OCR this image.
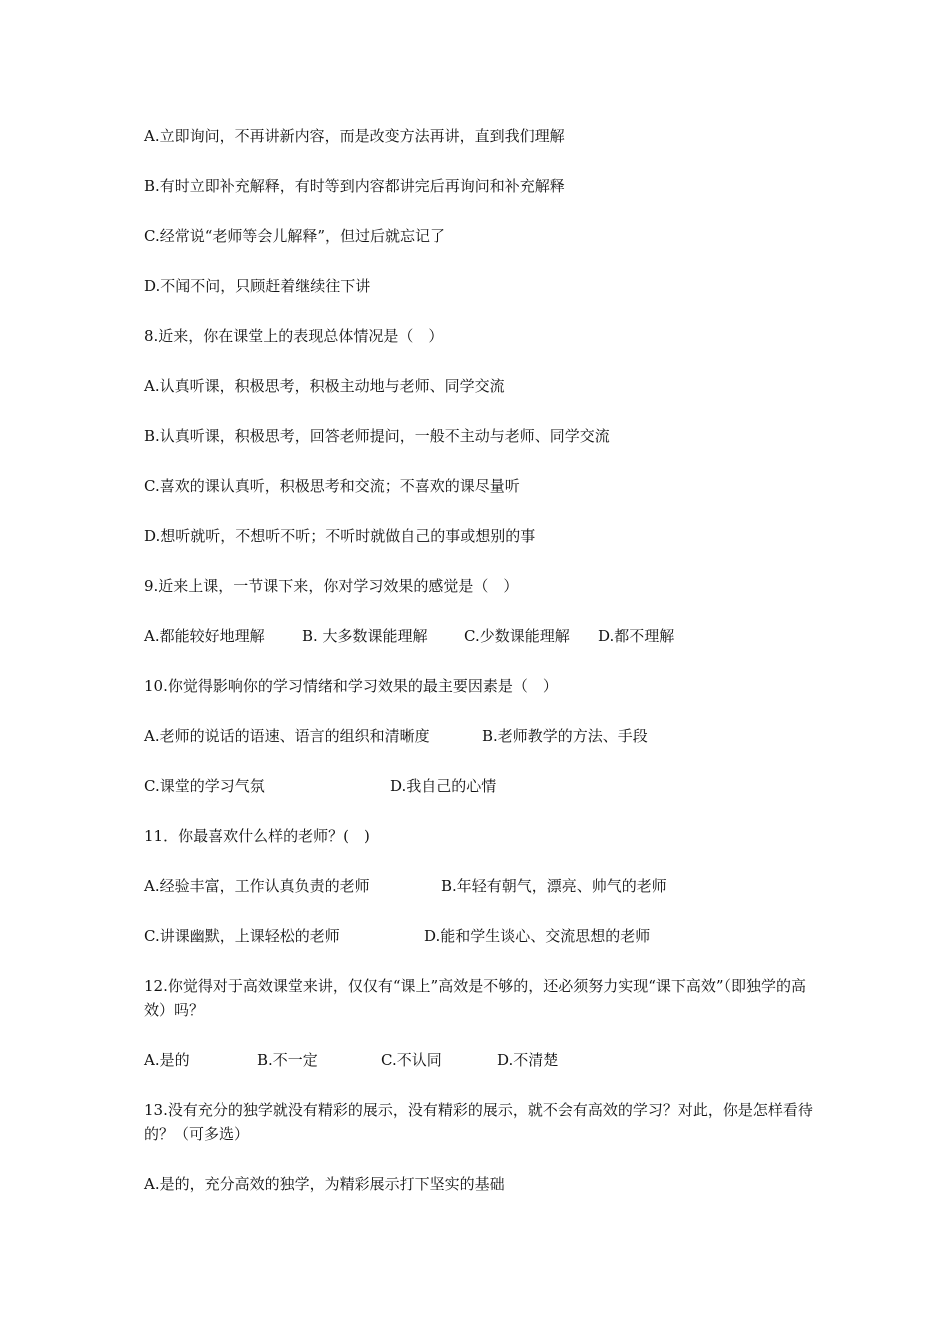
A.立即询问，不再讲新内容，而是改变方法再讲，直到我们理解
B.有时立即补充解释，有时等到内容都讲完后再询问和补充解释
C.经常说“老师等会儿解释”，但过后就忘记了
D.不闻不问，只顾赶着继续往下讲
8.近来，你在课堂上的表现总体情况是（　）
A.认真听课，积极思考，积极主动地与老师、同学交流
B.认真听课，积极思考，回答老师提问，一般不主动与老师、同学交流
C.喜欢的课认真听，积极思考和交流；不喜欢的课尽量听
D.想听就听，不想听不听；不听时就做自己的事或想别的事
9.近来上课，一节课下来，你对学习效果的感觉是（　）
A.都能较好地理解 B. 大多数课能理解 C.少数课能理解 D.都不理解
10.你觉得影响你的学习情绪和学习效果的最主要因素是（　）
A.老师的说话的语速、语言的组织和清晰度	B.老师教学的方法、手段
C.课堂的学习气氛	D.我自己的心情
11．你最喜欢什么样的老师？(　)
A.经验丰富，工作认真负责的老师	B.年轻有朝气，漂亮、帅气的老师
C.讲课幽默，上课轻松的老师	D.能和学生谈心、交流思想的老师
12.你觉得对于高效课堂来讲，仅仅有“课上”高效是不够的，还必须努力实现“课下高效”（即独学的高效）吗？
A.是的	B.不一定	C.不认同	D.不清楚
13.没有充分的独学就没有精彩的展示，没有精彩的展示，就不会有高效的学习？对此，你是怎样看待的？（可多选）
A.是的，充分高效的独学，为精彩展示打下坚实的基础
